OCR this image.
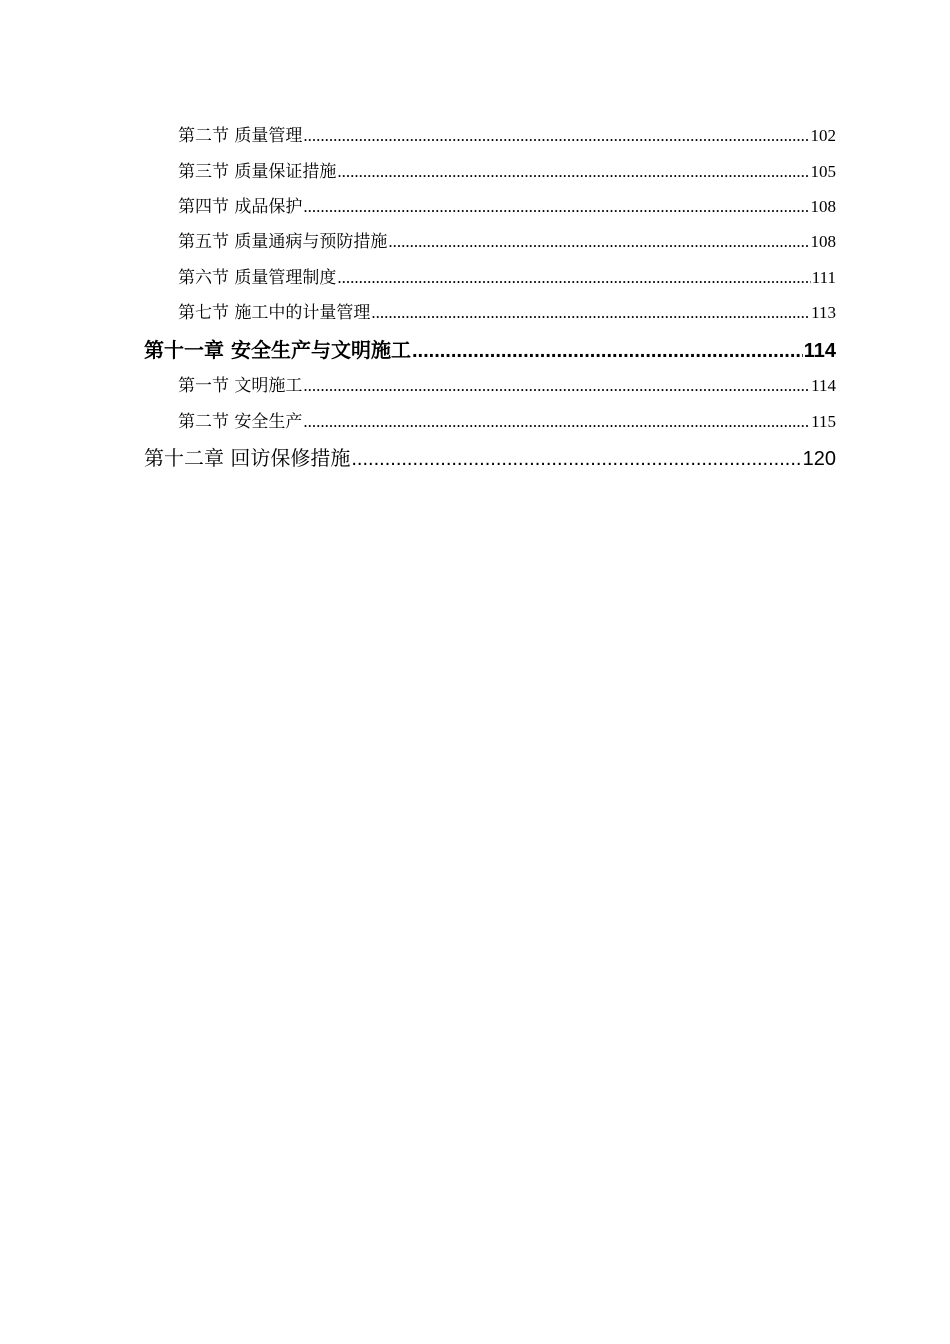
第二节 质量管理 .....	102
第三节 质量保证措施 .....	105
第四节 成品保护 .....	108
第五节 质量通病与预防措施 .....	108
第六节 质量管理制度 .....	111
第七节 施工中的计量管理 .....	113
第十一章 安全生产与文明施工 .....	114
第一节 文明施工 .....	114
第二节 安全生产 .....	115
第十二章 回访保修措施 .....	120
